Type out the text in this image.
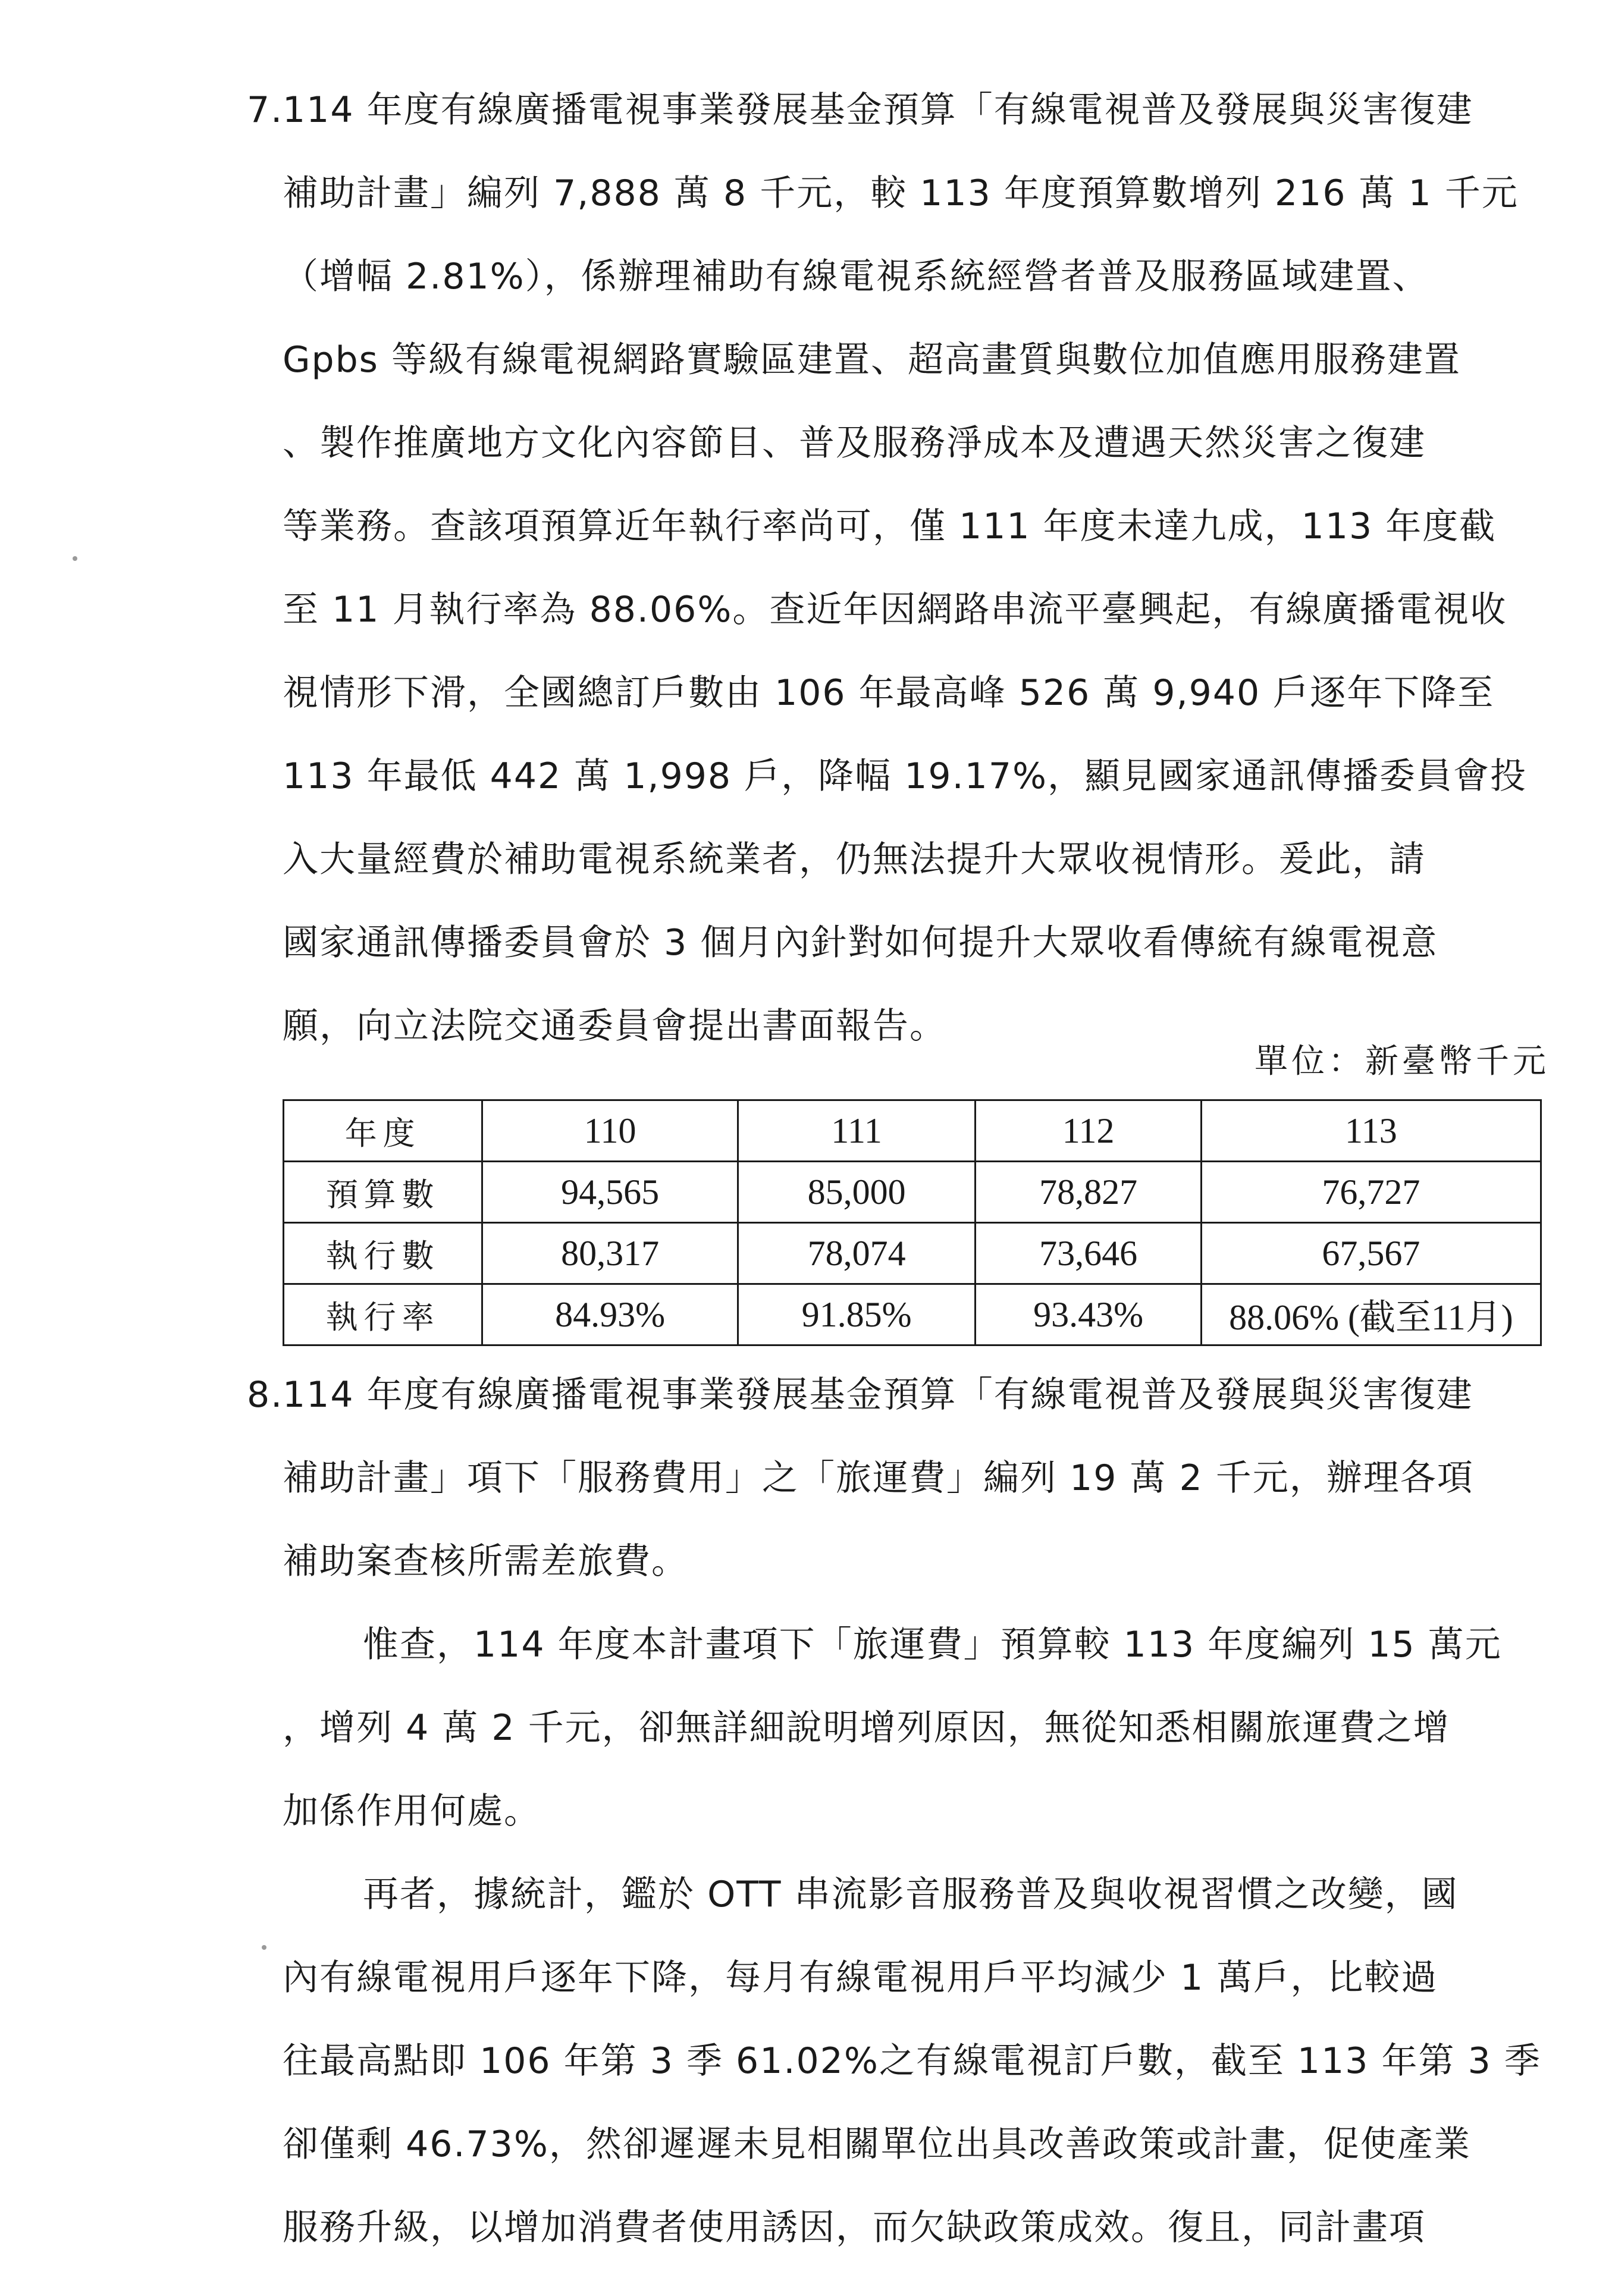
7.
114 年度有線廣播電視事業發展基金預算「有線電視普及發展與災害復建
補助計畫」編列 7,888 萬 8 千元，較 113 年度預算數增列 216 萬 1 千元
（增幅 2.81%），係辦理補助有線電視系統經營者普及服務區域建置、
Gpbs 等級有線電視網路實驗區建置、超高畫質與數位加值應用服務建置
、製作推廣地方文化內容節目、普及服務淨成本及遭遇天然災害之復建
等業務。查該項預算近年執行率尚可，僅 111 年度未達九成，113 年度截
至 11 月執行率為 88.06%。查近年因網路串流平臺興起，有線廣播電視收
視情形下滑，全國總訂戶數由 106 年最高峰 526 萬 9,940 戶逐年下降至
113 年最低 442 萬 1,998 戶，降幅 19.17%，顯見國家通訊傳播委員會投
入大量經費於補助電視系統業者，仍無法提升大眾收視情形。爰此，請
國家通訊傳播委員會於 3 個月內針對如何提升大眾收看傳統有線電視意
願，向立法院交通委員會提出書面報告。
單位：新臺幣千元
年度	110	111	112	113
預算數	94,565	85,000	78,827	76,727
執行數	80,317	78,074	73,646	67,567
執行率	84.93%	91.85%	93.43%	88.06% (截至11月)
8.
114 年度有線廣播電視事業發展基金預算「有線電視普及發展與災害復建
補助計畫」項下「服務費用」之「旅運費」編列 19 萬 2 千元，辦理各項
補助案查核所需差旅費。
惟查，114 年度本計畫項下「旅運費」預算較 113 年度編列 15 萬元
，增列 4 萬 2 千元，卻無詳細說明增列原因，無從知悉相關旅運費之增
加係作用何處。
再者，據統計，鑑於 OTT 串流影音服務普及與收視習慣之改變，國
內有線電視用戶逐年下降，每月有線電視用戶平均減少 1 萬戶，比較過
往最高點即 106 年第 3 季 61.02%之有線電視訂戶數，截至 113 年第 3 季
卻僅剩 46.73%，然卻遲遲未見相關單位出具改善政策或計畫，促使產業
服務升級，以增加消費者使用誘因，而欠缺政策成效。復且，同計畫項
